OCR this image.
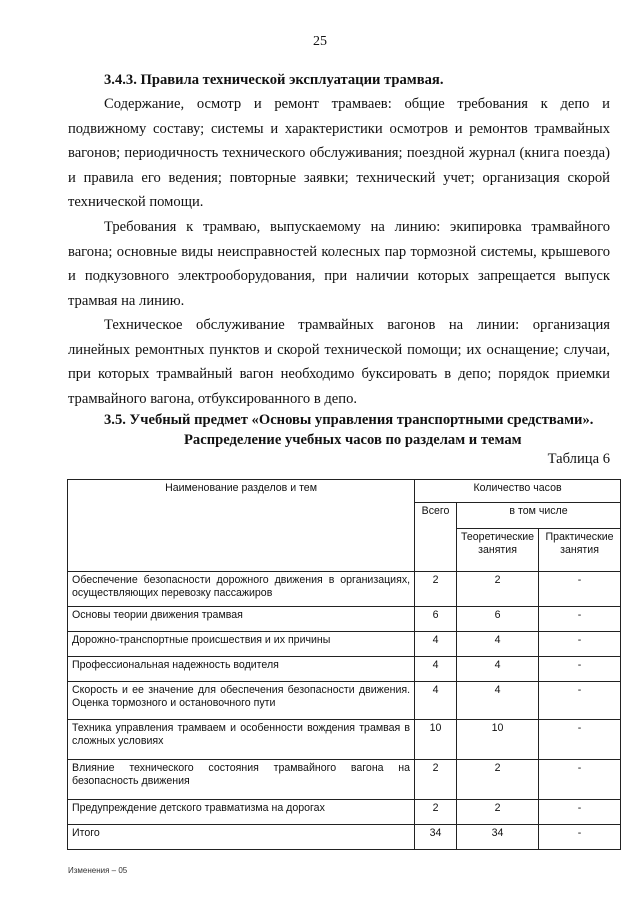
25
3.4.3. Правила технической эксплуатации трамвая.
Содержание, осмотр и ремонт трамваев: общие требования к депо и подвижному составу; системы и характеристики осмотров и ремонтов трамвайных вагонов; периодичность технического обслуживания; поездной журнал (книга поезда) и правила его ведения; повторные заявки; технический учет; организация скорой технической помощи.
Требования к трамваю, выпускаемому на линию: экипировка трамвайного вагона; основные виды неисправностей колесных пар тормозной системы, крышевого и подкузовного электрооборудования, при наличии которых запрещается выпуск трамвая на линию.
Техническое обслуживание трамвайных вагонов на линии: организация линейных ремонтных пунктов и скорой технической помощи; их оснащение; случаи, при которых трамвайный вагон необходимо буксировать в депо; порядок приемки трамвайного вагона, отбуксированного в депо.
3.5. Учебный предмет «Основы управления транспортными средствами».
Распределение учебных часов по разделам и темам
Таблица 6
Наименование разделов и тем	Количество часов		
	Всего	в том числе	
		Теоретические занятия	Практические занятия
Обеспечение безопасности дорожного движения в организациях, осуществляющих перевозку пассажиров	2	2	-
Основы теории движения трамвая	6	6	-
Дорожно-транспортные происшествия и их причины	4	4	-
Профессиональная надежность водителя	4	4	-
Скорость и ее значение для обеспечения безопасности движения. Оценка тормозного и остановочного пути	4	4	-
Техника управления трамваем и особенности вождения трамвая в сложных условиях	10	10	-
Влияние технического состояния трамвайного вагона на безопасность движения	2	2	-
Предупреждение детского травматизма на дорогах	2	2	-
Итого	34	34	-
Изменения – 05
